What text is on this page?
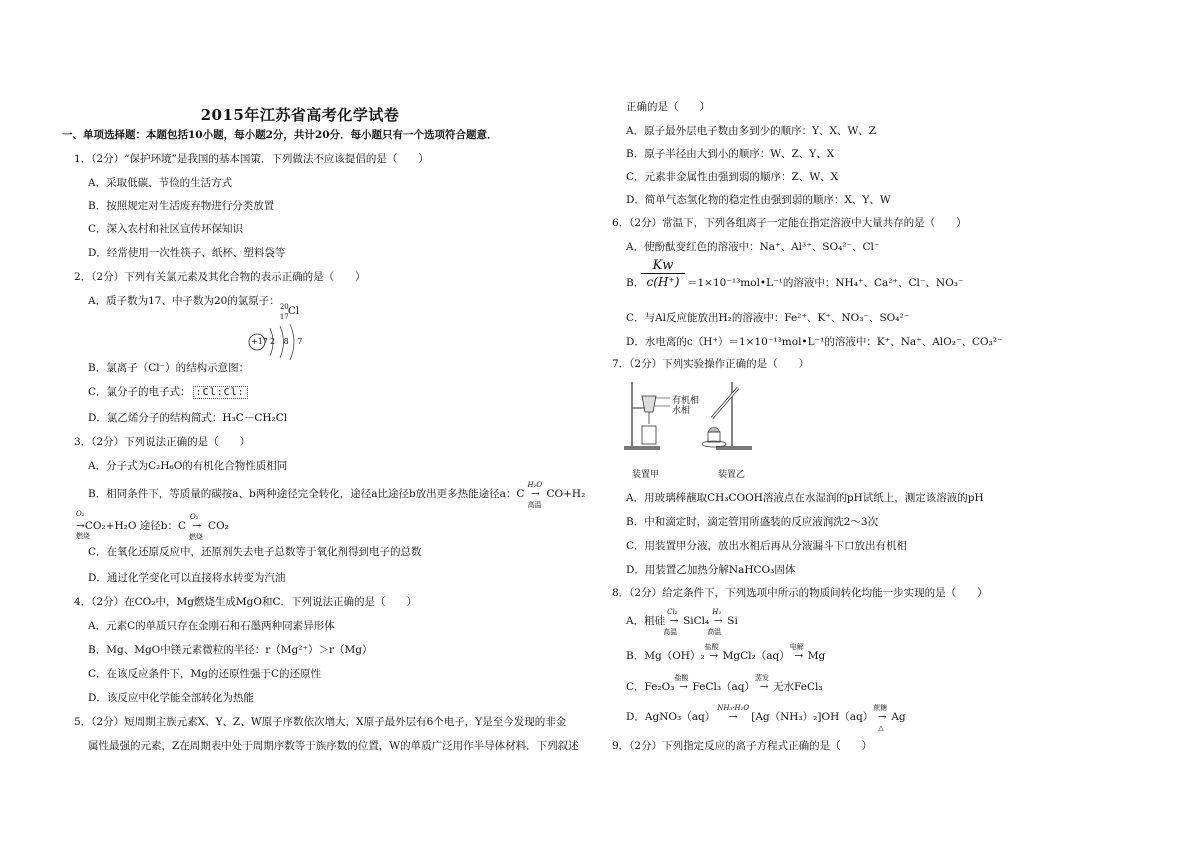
2015年江苏省高考化学试卷
一、单项选择题：本题包括10小题，每小题2分，共计20分．每小题只有一个选项符合题意．
1．（2分）“保护环境”是我国的基本国策．下列做法不应该提倡的是（　　）
A．采取低碳、节俭的生活方式
B．按照规定对生活废弃物进行分类放置
C．深入农村和社区宣传环保知识
D．经常使用一次性筷子、纸杯、塑料袋等
2．（2分）下列有关氯元素及其化合物的表示正确的是（　　）
A．质子数为17、中子数为20的氯原子： 20
17 Cl
+17 2 8 7
B．氯离子（Cl⁻）的结构示意图：
C．氯分子的电子式： :Cl:Cl:
D．氯乙烯分子的结构简式：H₃C－CH₂Cl
3．（2分）下列说法正确的是（　　）
A．分子式为C₂H₆O的有机化合物性质相同
B．相同条件下，等质量的碳按a、b两种途径完全转化，途径a比途径b放出更多热能途径a：C
H₂O
→
高温
CO+H₂
O₂
→CO₂+H₂O 途径b：C
O₂
→
燃烧
CO₂
燃烧
C．在氧化还原反应中，还原剂失去电子总数等于氧化剂得到电子的总数
D．通过化学变化可以直接将水转变为汽油
4．（2分）在CO₂中，Mg燃烧生成MgO和C．下列说法正确的是（　　）
A．元素C的单质只存在金刚石和石墨两种同素异形体
B．Mg、MgO中镁元素微粒的半径：r（Mg²⁺）＞r（Mg）
C．在该反应条件下，Mg的还原性强于C的还原性
D．该反应中化学能全部转化为热能
5．（2分）短周期主族元素X、Y、Z、W原子序数依次增大，X原子最外层有6个电子，Y是至今发现的非金
属性最强的元素，Z在周期表中处于周期序数等于族序数的位置，W的单质广泛用作半导体材料．下列叙述
正确的是（　　）
A．原子最外层电子数由多到少的顺序：Y、X、W、Z
B．原子半径由大到小的顺序：W、Z、Y、X
C．元素非金属性由强到弱的顺序：Z、W、X
D．简单气态氢化物的稳定性由强到弱的顺序：X、Y、W
6．（2分）常温下，下列各组离子一定能在指定溶液中大量共存的是（　　）
A．使酚酞变红色的溶液中：Na⁺、Al³⁺、SO₄²⁻、Cl⁻
B．
$\frac{Kw}{c(H^+)}$ ＝1×10⁻¹³mol•L⁻¹的溶液中：NH₄⁺、Ca²⁺、Cl⁻、NO₃⁻
C．与Al反应能放出H₂的溶液中：Fe²⁺、K⁺、NO₃⁻、SO₄²⁻
D．水电离的c（H⁺）＝1×10⁻¹³mol•L⁻¹的溶液中：K⁺、Na⁺、AlO₂⁻、CO₃²⁻
7．（2分）下列实验操作正确的是（　　）
有机相
水相
装置甲	装置乙
A．用玻璃棒蘸取CH₃COOH溶液点在水湿润的pH试纸上，测定该溶液的pH
B．中和滴定时，滴定管用所盛装的反应液润洗2～3次
C．用装置甲分液，放出水相后再从分液漏斗下口放出有机相
D．用装置乙加热分解NaHCO₃固体
8．（2分）给定条件下，下列选项中所示的物质间转化均能一步实现的是（　　）
A．粗硅
Cl₂
→
高温
SiCl₄
H₂
→
高温
Si
B．Mg（OH）₂
盐酸
→ MgCl₂（aq）
电解
→ Mg
C．Fe₂O₃
盐酸
→ FeCl₃（aq）
蒸发
→ 无水FeCl₃
D．AgNO₃（aq）
NH₃·H₂O
→ [Ag（NH₃）₂]OH（aq）
蔗糖
→
△
Ag
9．（2分）下列指定反应的离子方程式正确的是（　　）
